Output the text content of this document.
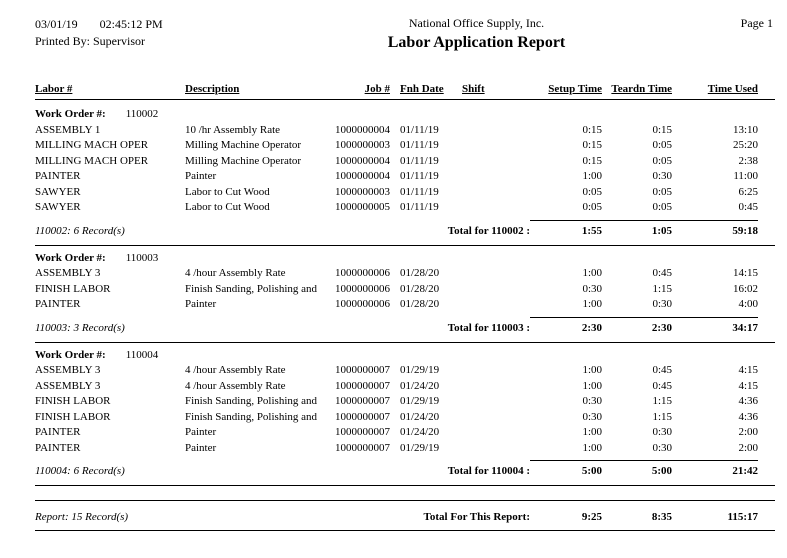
03/01/19 02:45:12 PM
Printed By: Supervisor
National Office Supply, Inc.
Labor Application Report
Page 1
Labor #	Description	Job # Fnh Date	Shift	Setup Time Teardn Time	Time Used
Work Order #: 110002
ASSEMBLY 1	10 /hr Assembly Rate	1000000004 01/11/19	0:15	0:15	13:10
MILLING MACH OPER	Milling Machine Operator	1000000003 01/11/19	0:15	0:05	25:20
MILLING MACH OPER	Milling Machine Operator	1000000004 01/11/19	0:15	0:05	2:38
PAINTER	Painter	1000000004 01/11/19	1:00	0:30	11:00
SAWYER	Labor to Cut Wood	1000000003 01/11/19	0:05	0:05	6:25
SAWYER	Labor to Cut Wood	1000000005 01/11/19	0:05	0:05	0:45
110002: 6 Record(s)	Total for 110002 :	1:55	1:05	59:18
Work Order #: 110003
ASSEMBLY 3	4 /hour Assembly Rate	1000000006 01/28/20	1:00	0:45	14:15
FINISH LABOR	Finish Sanding, Polishing and	1000000006 01/28/20	0:30	1:15	16:02
PAINTER	Painter	1000000006 01/28/20	1:00	0:30	4:00
110003: 3 Record(s)	Total for 110003 :	2:30	2:30	34:17
Work Order #: 110004
ASSEMBLY 3	4 /hour Assembly Rate	1000000007 01/29/19	1:00	0:45	4:15
ASSEMBLY 3	4 /hour Assembly Rate	1000000007 01/24/20	1:00	0:45	4:15
FINISH LABOR	Finish Sanding, Polishing and	1000000007 01/29/19	0:30	1:15	4:36
FINISH LABOR	Finish Sanding, Polishing and	1000000007 01/24/20	0:30	1:15	4:36
PAINTER	Painter	1000000007 01/24/20	1:00	0:30	2:00
PAINTER	Painter	1000000007 01/29/19	1:00	0:30	2:00
110004: 6 Record(s)	Total for 110004 :	5:00	5:00	21:42
Report: 15 Record(s)	Total For This Report:	9:25	8:35	115:17
